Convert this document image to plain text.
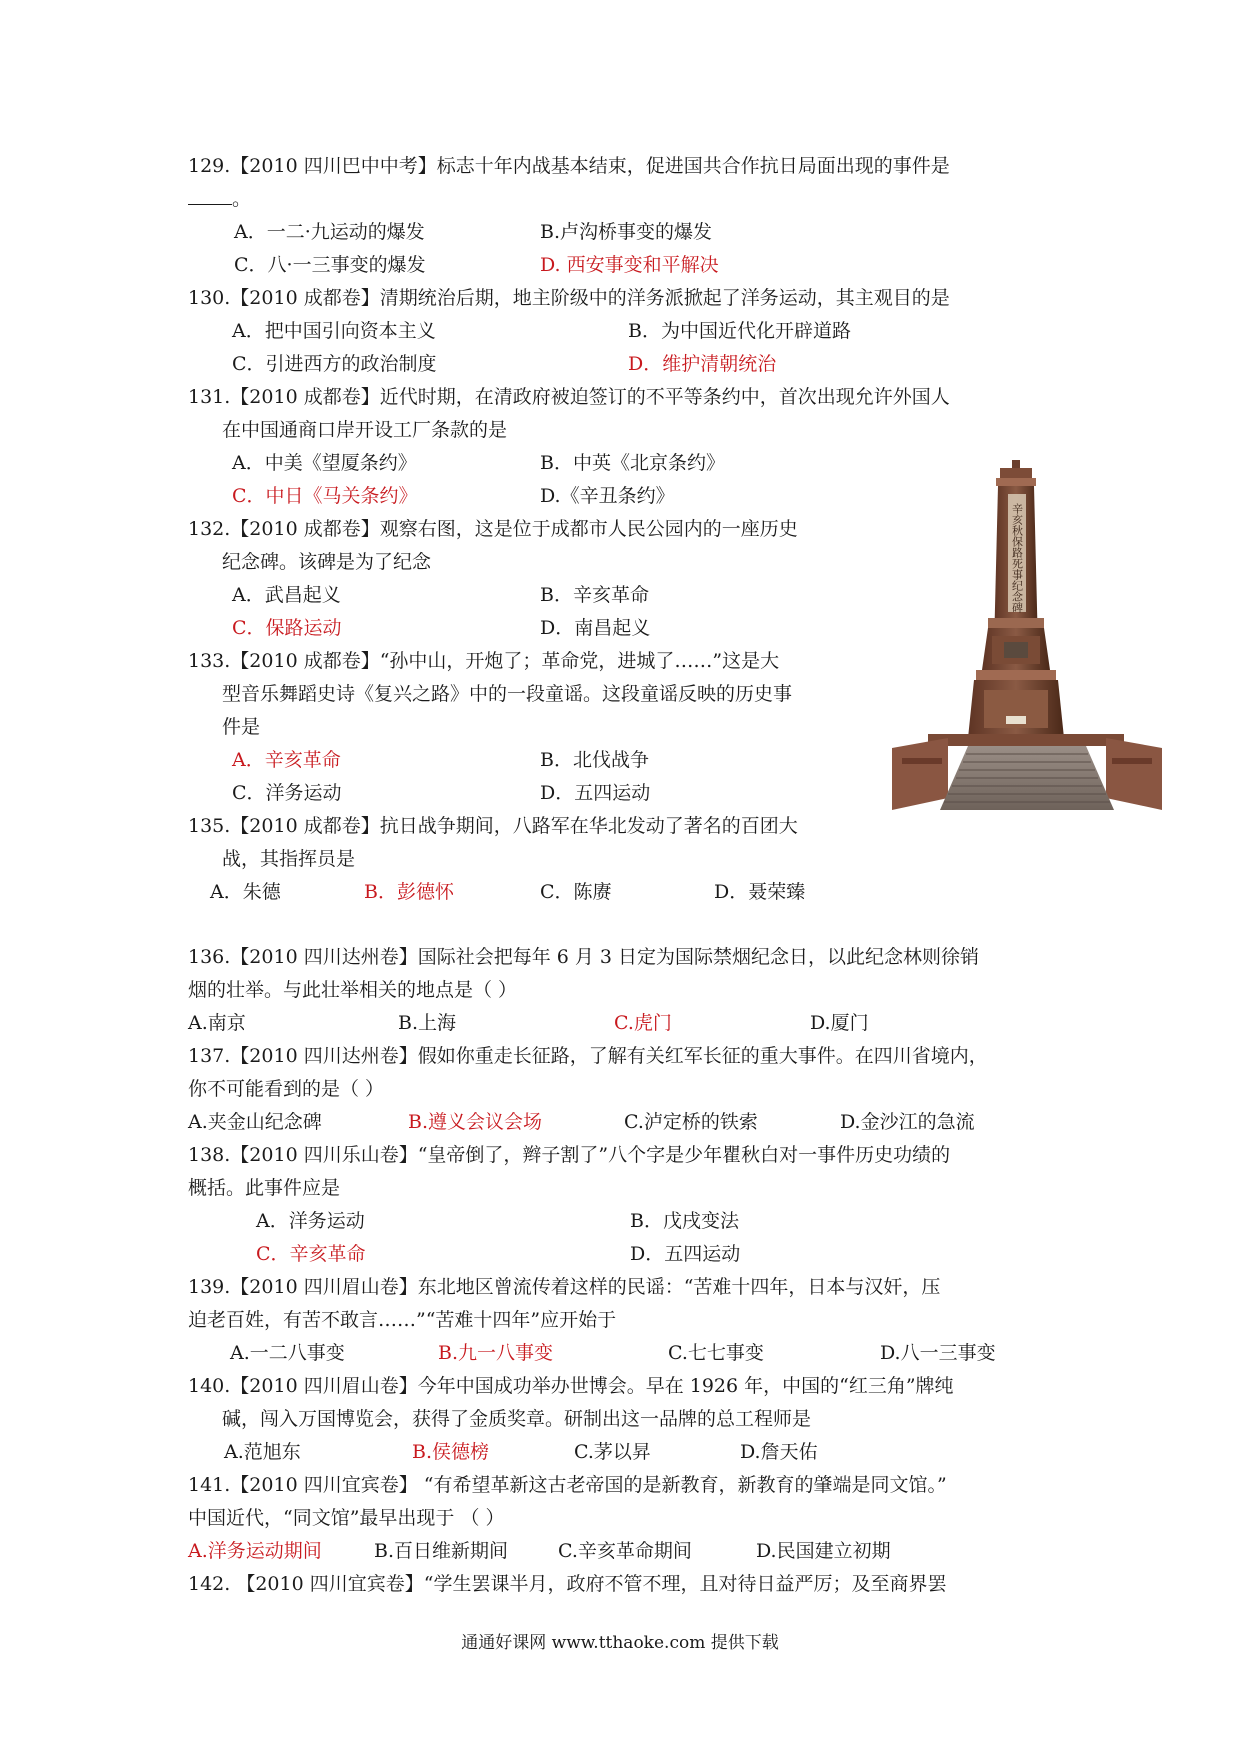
129.【2010 四川巴中中考】标志十年内战基本结束，促进国共合作抗日局面出现的事件是
。
A．一二·九运动的爆发	B.卢沟桥事变的爆发
C．八·一三事变的爆发	D. 西安事变和平解决
130.【2010 成都卷】清期统治后期，地主阶级中的洋务派掀起了洋务运动，其主观目的是
A．把中国引向资本主义	B．为中国近代化开辟道路
C．引进西方的政治制度	D．维护清朝统治
131.【2010 成都卷】近代时期，在清政府被迫签订的不平等条约中，首次出现允许外国人
在中国通商口岸开设工厂条款的是
A．中美《望厦条约》	B．中英《北京条约》
C．中日《马关条约》	D.《辛丑条约》
132.【2010 成都卷】观察右图，这是位于成都市人民公园内的一座历史
纪念碑。该碑是为了纪念
A．武昌起义	B．辛亥革命
C．保路运动	D．南昌起义
133.【2010 成都卷】“孙中山，开炮了；革命党，进城了……”这是大
型音乐舞蹈史诗《复兴之路》中的一段童谣。这段童谣反映的历史事
件是
A．辛亥革命	B．北伐战争
C．洋务运动	D．五四运动
135.【2010 成都卷】抗日战争期间，八路军在华北发动了著名的百团大
战，其指挥员是
A．朱德	B．彭德怀	C．陈赓	D．聂荣臻
136.【2010 四川达州卷】国际社会把每年 6 月 3 日定为国际禁烟纪念日，以此纪念林则徐销
烟的壮举。与此壮举相关的地点是（ ）
A.南京	B.上海	C.虎门	D.厦门
137.【2010 四川达州卷】假如你重走长征路，了解有关红军长征的重大事件。在四川省境内，
你不可能看到的是（ ）
A.夹金山纪念碑	B.遵义会议会场	C.泸定桥的铁索	D.金沙江的急流
138.【2010 四川乐山卷】“皇帝倒了，辫子割了”八个字是少年瞿秋白对一事件历史功绩的
概括。此事件应是
A．洋务运动	B．戊戌变法
C．辛亥革命	D．五四运动
139.【2010 四川眉山卷】东北地区曾流传着这样的民谣：“苦难十四年，日本与汉奸，压
迫老百姓，有苦不敢言……”“苦难十四年”应开始于
A.一二八事变	B.九一八事变	C.七七事变	D.八一三事变
140.【2010 四川眉山卷】今年中国成功举办世博会。早在 1926 年，中国的“红三角”牌纯
碱，闯入万国博览会，获得了金质奖章。研制出这一品牌的总工程师是
A.范旭东	B.侯德榜	C.茅以昇	D.詹天佑
141.【2010 四川宜宾卷】 “有希望革新这古老帝国的是新教育，新教育的肇端是同文馆。”
中国近代，“同文馆”最早出现于 （ ）
A.洋务运动期间	B.百日维新期间	C.辛亥革命期间	D.民国建立初期
142. 【2010 四川宜宾卷】“学生罢课半月，政府不管不理，且对待日益严厉；及至商界罢
辛亥秋保路死事纪念碑
通通好课网 www.tthaoke.com 提供下载
